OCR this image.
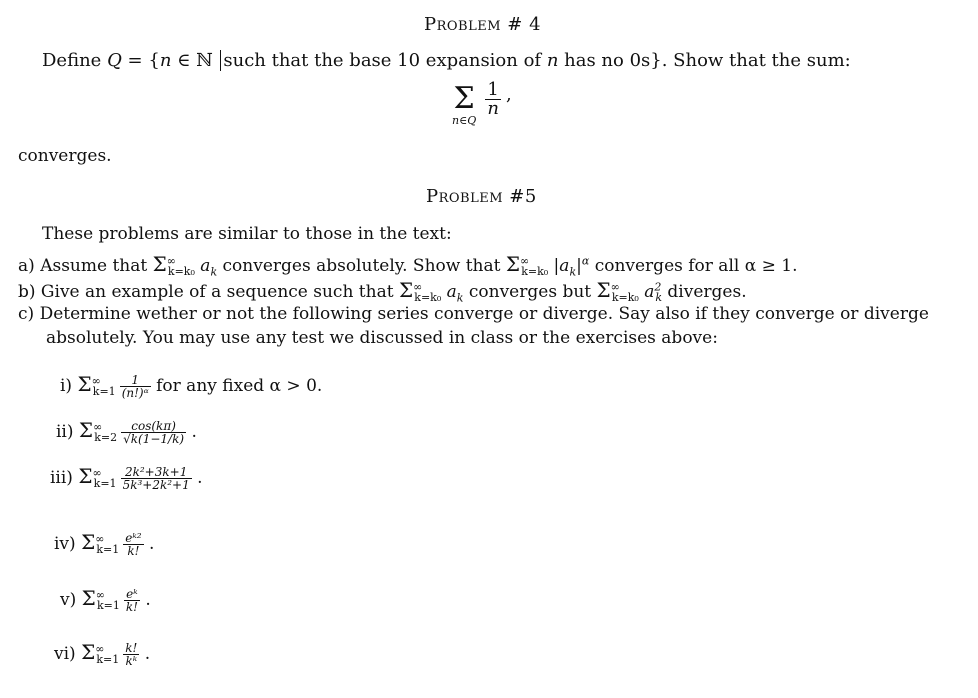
Problem # 4
Define Q = {n ∈ ℕ such that the base 10 expansion of n has no 0s}. Show that the sum:
Σ
n∈Q

$\frac{1}{n}$ ,
converges.
Problem #5
These problems are similar to those in the text:
a) Assume that $\Sigma^\infty_{k=k_0}$ $a_k$ converges absolutely. Show that $\Sigma^\infty_{k=k_0}$ $|a_k|^\alpha$ converges for all α ≥ 1.
b) Give an example of a sequence such that $\Sigma^\infty_{k=k_0}$ $a_k$ converges but $\Sigma^\infty_{k=k_0}$ $a^2_k$ diverges.
c) Determine wether or not the following series converge or diverge. Say also if they converge or diverge
absolutely. You may use any test we discussed in class or the exercises above:
i) $\Sigma^\infty_{k=1} \frac{1}{\text{(n!)ᵅ}}$ for any fixed α > 0.
ii) $\Sigma^\infty_{k=2} \frac{\cos(k\pi)}{√k(1-1/k)}$ .
iii) $\Sigma^\infty_{k=1} \frac{\text{2k²+3k+1}}{\text{5k³+2k²+1}}$ .
iv) $\Sigma^\infty_{k=1} \frac{\text{eᵏ²}}{k!}$ .
v) $\Sigma^\infty_{k=1} \frac{\text{eᵏ}}{k!}$ .
vi) $\Sigma^\infty_{k=1} \frac{k!}{\text{kᵏ}}$ .
